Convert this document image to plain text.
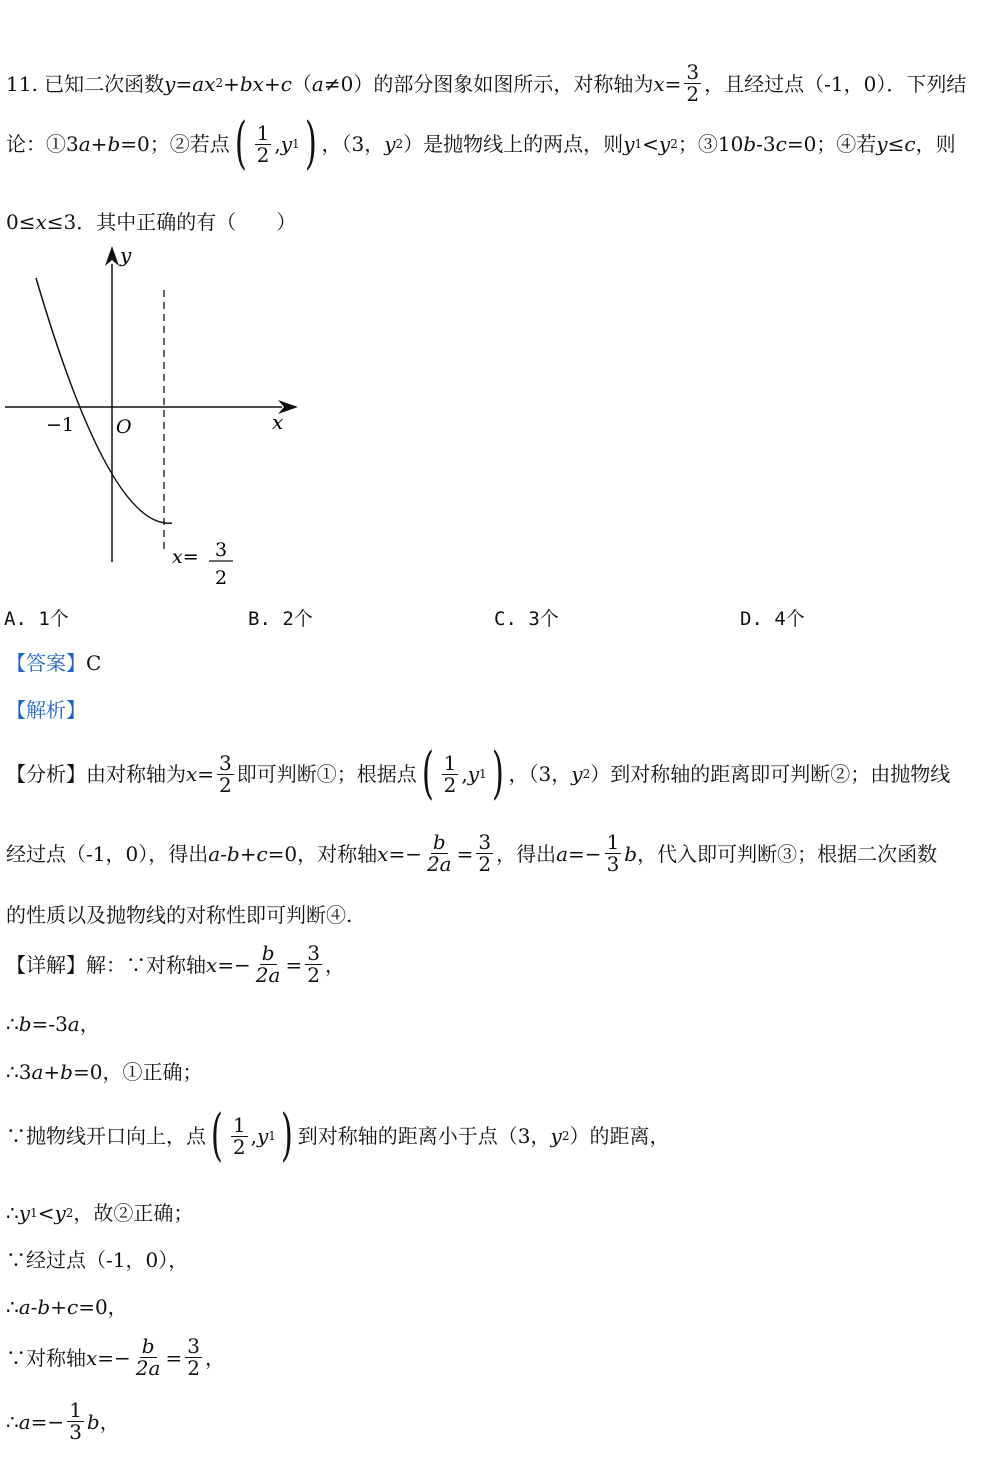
11.
已知二次函数 y = ax 2 +bx+c （ a ≠0）的部分图象如图所示，对称轴为 $x = \frac{3}{2}$ ，且经过点（-1，0）．下列结
论：①3 a + b =0；②若点 ( $\frac{1}{2}$ , y 1 ) ，（3， y 2 ）是抛物线上的两点，则 y 1 < y 2 ；③10 b -3 c =0；④若 y ≤ c ，则
0≤ x ≤3．其中正确的有（　　）
y
x
O
−1
x= 3
2
A. 1个	B. 2个	C. 3个	D. 4个
【答案】 C
【解析】
【分析】 由对称轴为 $x = \frac{3}{2}$ 即可判断①；根据点 ( $\frac{1}{2}$ , y 1 ) ，（3， y 2 ）到对称轴的距离即可判断②；由抛物线
经过点（-1，0），得出 a-b+c =0，对称轴 $x =- \frac{b}{2a} = \frac{3}{2}$ ，得出 $a =- \frac{1}{3}$ b ，代入即可判断③；根据二次函数
的性质以及抛物线的对称性即可判断④.
【详解】 解：∵对称轴 $x =- \frac{b}{2a} = \frac{3}{2}$ ，
∴ b =-3 a ，
∴3 a + b =0，①正确；
∵抛物线开口向上，点 ( $\frac{1}{2}$ , y 1 ) 到对称轴的距离小于点（3， y 2 ）的距离，
∴ y 1 < y 2 ，故②正确；
∵经过点（-1，0），
∴ a-b+c =0，
∵对称轴 $x =- \frac{b}{2a} = \frac{3}{2}$ ，
∴ $a =- \frac{1}{3}$ b ，
